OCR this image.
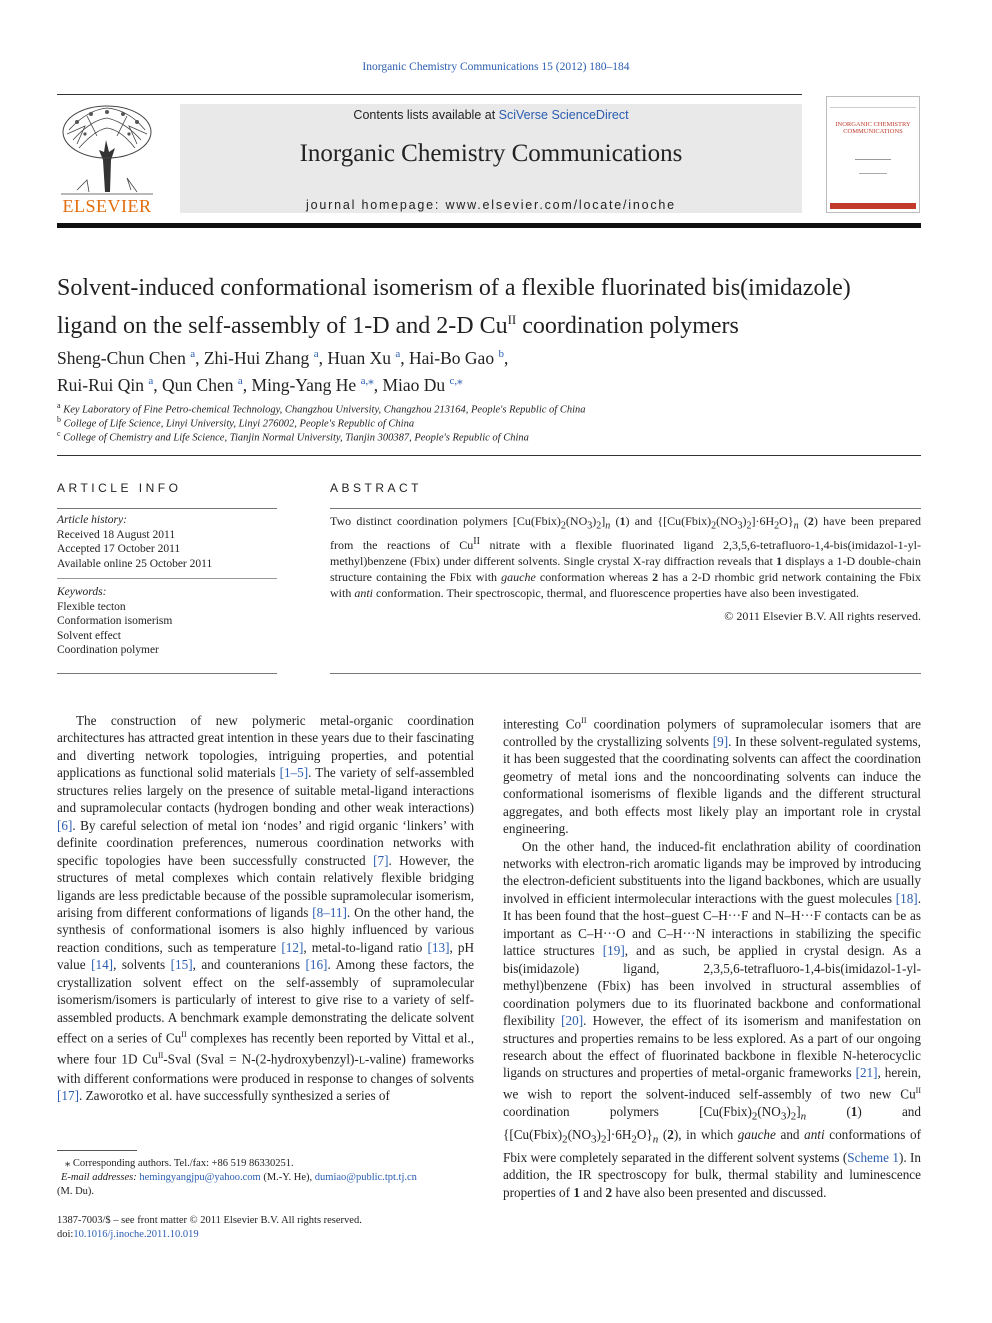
Inorganic Chemistry Communications 15 (2012) 180–184
ELSEVIER
Contents lists available at SciVerse ScienceDirect
Inorganic Chemistry Communications
journal homepage: www.elsevier.com/locate/inoche
INORGANIC CHEMISTRY COMMUNICATIONS
Solvent-induced conformational isomerism of a flexible fluorinated bis(imidazole)
ligand on the self-assembly of 1-D and 2-D $Cu^{II}$ coordination polymers
Sheng-Chun Chen $^a$, Zhi-Hui Zhang $^a$, Huan Xu $^a$, Hai-Bo Gao $^b$,
Rui-Rui Qin $^a$, Qun Chen $^a$, Ming-Yang He $^{a,⁎}$, Miao Du $^{c,⁎}$
$^a$ Key Laboratory of Fine Petro-chemical Technology, Changzhou University, Changzhou 213164, People's Republic of China
$^b$ College of Life Science, Linyi University, Linyi 276002, People's Republic of China
$^c$ College of Chemistry and Life Science, Tianjin Normal University, Tianjin 300387, People's Republic of China
ARTICLE INFO
Article history:
Received 18 August 2011
Accepted 17 October 2011
Available online 25 October 2011
Keywords:
Flexible tecton
Conformation isomerism
Solvent effect
Coordination polymer
ABSTRACT
Two distinct coordination polymers $[Cu(Fbix)_2(NO_3)_2]_n$ (1) and $\{[Cu(Fbix)_2(NO_3)_2]\cdot 6H_2O\}_n$ (2) have been prepared from the reactions of $Cu^{II}$ nitrate with a flexible fluorinated ligand 2,3,5,6-tetrafluoro-1,4-bis(imidazol-1-yl-methyl)benzene (Fbix) under different solvents. Single crystal X-ray diffraction reveals that 1 displays a 1-D double-chain structure containing the Fbix with gauche conformation whereas 2 has a 2-D rhombic grid network containing the Fbix with anti conformation. Their spectroscopic, thermal, and fluorescence properties have also been investigated.
© 2011 Elsevier B.V. All rights reserved.

The construction of new polymeric metal-organic coordination architectures has attracted great intention in these years due to their fascinating and diverting network topologies, intriguing properties, and potential applications as functional solid materials [1–5]. The variety of self-assembled structures relies largely on the presence of suitable metal-ligand interactions and supramolecular contacts (hydrogen bonding and other weak interactions) [6]. By careful selection of metal ion ‘nodes’ and rigid organic ‘linkers’ with definite coordination preferences, numerous coordination networks with specific topologies have been successfully constructed [7]. However, the structures of metal complexes which contain relatively flexible bridging ligands are less predictable because of the possible supramolecular isomerism, arising from different conformations of ligands [8–11]. On the other hand, the synthesis of conformational isomers is also highly influenced by various reaction conditions, such as temperature [12], metal-to-ligand ratio [13], pH value [14], solvents [15], and counteranions [16]. Among these factors, the crystallization solvent effect on the self-assembly of supramolecular isomerism/isomers is particularly of interest to give rise to a variety of self-assembled products. A benchmark example demonstrating the delicate solvent effect on a series of $Cu^{II}$ complexes has recently been reported by Vittal et al., where four 1D $Cu^{II}$-Sval (Sval = N-(2-hydroxybenzyl)-L-valine) frameworks with different conformations were produced in response to changes of solvents [17]. Zaworotko et al. have successfully synthesized a series of

interesting $Co^{II}$ coordination polymers of supramolecular isomers that are controlled by the crystallizing solvents [9]. In these solvent-regulated systems, it has been suggested that the coordinating solvents can affect the coordination geometry of metal ions and the noncoordinating solvents can induce the conformational isomerisms of flexible ligands and the different structural aggregates, and both effects most likely play an important role in crystal engineering.

On the other hand, the induced-fit enclathration ability of coordination networks with electron-rich aromatic ligands may be improved by introducing the electron-deficient substituents into the ligand backbones, which are usually involved in efficient intermolecular interactions with the guest molecules [18]. It has been found that the host–guest C–H···F and N–H···F contacts can be as important as C–H···O and C–H···N interactions in stabilizing the specific lattice structures [19], and as such, be applied in crystal design. As a bis(imidazole) ligand, 2,3,5,6-tetrafluoro-1,4-bis(imidazol-1-yl-methyl)benzene (Fbix) has been involved in structural assemblies of coordination polymers due to its fluorinated backbone and conformational flexibility [20]. However, the effect of its isomerism and manifestation on structures and properties remains to be less explored. As a part of our ongoing research about the effect of fluorinated backbone in flexible N-heterocyclic ligands on structures and properties of metal-organic frameworks [21], herein, we wish to report the solvent-induced self-assembly of two new $Cu^{II}$ coordination polymers $[Cu(Fbix)_2(NO_3)_2]_n$ (1) and $\{[Cu(Fbix)_2(NO_3)_2]\cdot 6H_2O\}_n$ (2), in which gauche and anti conformations of Fbix were completely separated in the different solvent systems (Scheme 1). In addition, the IR spectroscopy for bulk, thermal stability and luminescence properties of 1 and 2 have also been presented and discussed.

⁎ Corresponding authors. Tel./fax: +86 519 86330251.
E-mail addresses: hemingyangjpu@yahoo.com (M.-Y. He), dumiao@public.tpt.tj.cn
(M. Du).
1387-7003/$ – see front matter © 2011 Elsevier B.V. All rights reserved.
doi:10.1016/j.inoche.2011.10.019
